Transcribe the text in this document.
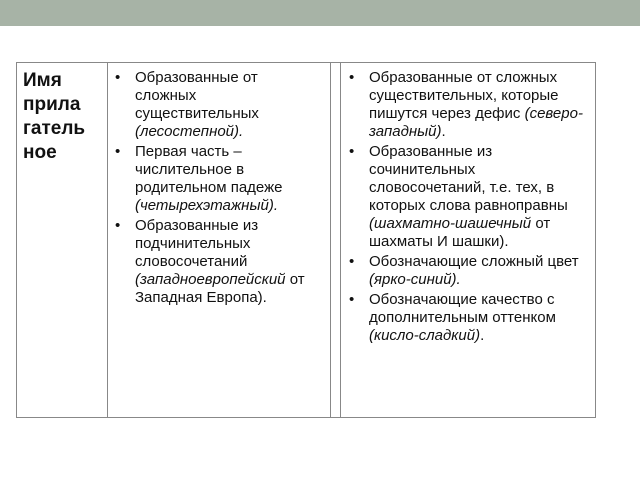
Имя
прила
гатель
ное
• Образованные от сложных существительных (лесостепной).
• Первая часть – числительное в родительном падеже (четырехэтажный).
• Образованные из подчинительных словосочетаний (западноевропейский от Западная Европа).
• Образованные от сложных существительных, которые пишутся через дефис (северо-западный).
• Образованные из сочинительных словосочетаний, т.е. тех, в которых слова равноправны (шахматно-шашечный от шахматы И шашки).
• Обозначающие сложный цвет (ярко-синий).
• Обозначающие качество с дополнительным оттенком (кисло-сладкий).
